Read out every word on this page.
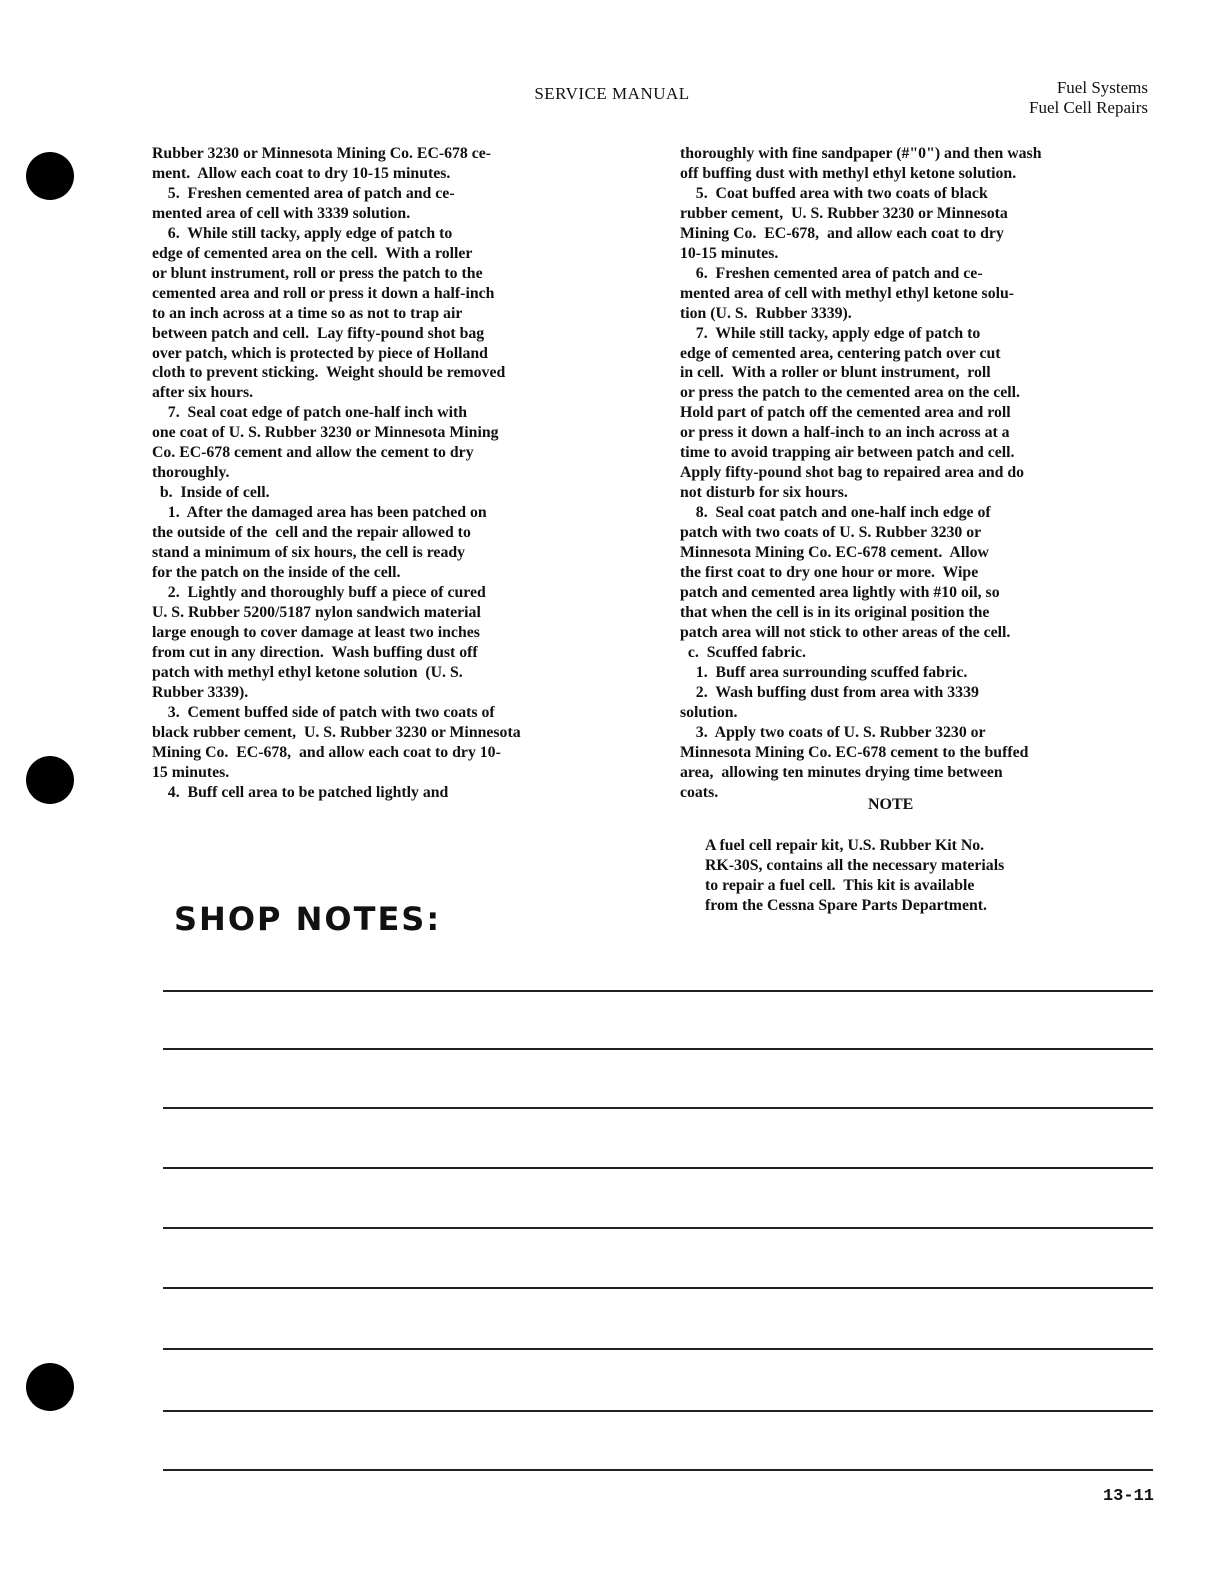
SERVICE MANUAL	Fuel Systems
Fuel Cell Repairs
Rubber 3230 or Minnesota Mining Co. EC-678 ce-
ment.  Allow each coat to dry 10-15 minutes.
5.  Freshen cemented area of patch and ce-
mented area of cell with 3339 solution.
6.  While still tacky, apply edge of patch to
edge of cemented area on the cell.  With a roller
or blunt instrument, roll or press the patch to the
cemented area and roll or press it down a half-inch
to an inch across at a time so as not to trap air
between patch and cell.  Lay fifty-pound shot bag
over patch, which is protected by piece of Holland
cloth to prevent sticking.  Weight should be removed
after six hours.
7.  Seal coat edge of patch one-half inch with
one coat of U. S. Rubber 3230 or Minnesota Mining
Co. EC-678 cement and allow the cement to dry
thoroughly.
b.  Inside of cell.
1.  After the damaged area has been patched on
the outside of the  cell and the repair allowed to
stand a minimum of six hours, the cell is ready
for the patch on the inside of the cell.
2.  Lightly and thoroughly buff a piece of cured
U. S. Rubber 5200/5187 nylon sandwich material
large enough to cover damage at least two inches
from cut in any direction.  Wash buffing dust off
patch with methyl ethyl ketone solution  (U. S.
Rubber 3339).
3.  Cement buffed side of patch with two coats of
black rubber cement,  U. S. Rubber 3230 or Minnesota
Mining Co.  EC-678,  and allow each coat to dry 10-
15 minutes.
4.  Buff cell area to be patched lightly and
thoroughly with fine sandpaper (#"0") and then wash
off buffing dust with methyl ethyl ketone solution.
5.  Coat buffed area with two coats of black
rubber cement,  U. S. Rubber 3230 or Minnesota
Mining Co.  EC-678,  and allow each coat to dry
10-15 minutes.
6.  Freshen cemented area of patch and ce-
mented area of cell with methyl ethyl ketone solu-
tion (U. S.  Rubber 3339).
7.  While still tacky, apply edge of patch to
edge of cemented area, centering patch over cut
in cell.  With a roller or blunt instrument,  roll
or press the patch to the cemented area on the cell.
Hold part of patch off the cemented area and roll
or press it down a half-inch to an inch across at a
time to avoid trapping air between patch and cell.
Apply fifty-pound shot bag to repaired area and do
not disturb for six hours.
8.  Seal coat patch and one-half inch edge of
patch with two coats of U. S. Rubber 3230 or
Minnesota Mining Co. EC-678 cement.  Allow
the first coat to dry one hour or more.  Wipe
patch and cemented area lightly with #10 oil, so
that when the cell is in its original position the
patch area will not stick to other areas of the cell.
c.  Scuffed fabric.
1.  Buff area surrounding scuffed fabric.
2.  Wash buffing dust from area with 3339
solution.
3.  Apply two coats of U. S. Rubber 3230 or
Minnesota Mining Co. EC-678 cement to the buffed
area,  allowing ten minutes drying time between
coats.
NOTE
A fuel cell repair kit, U.S. Rubber Kit No.
RK-30S, contains all the necessary materials
to repair a fuel cell.  This kit is available
from the Cessna Spare Parts Department.
SHOP NOTES:
13-11
